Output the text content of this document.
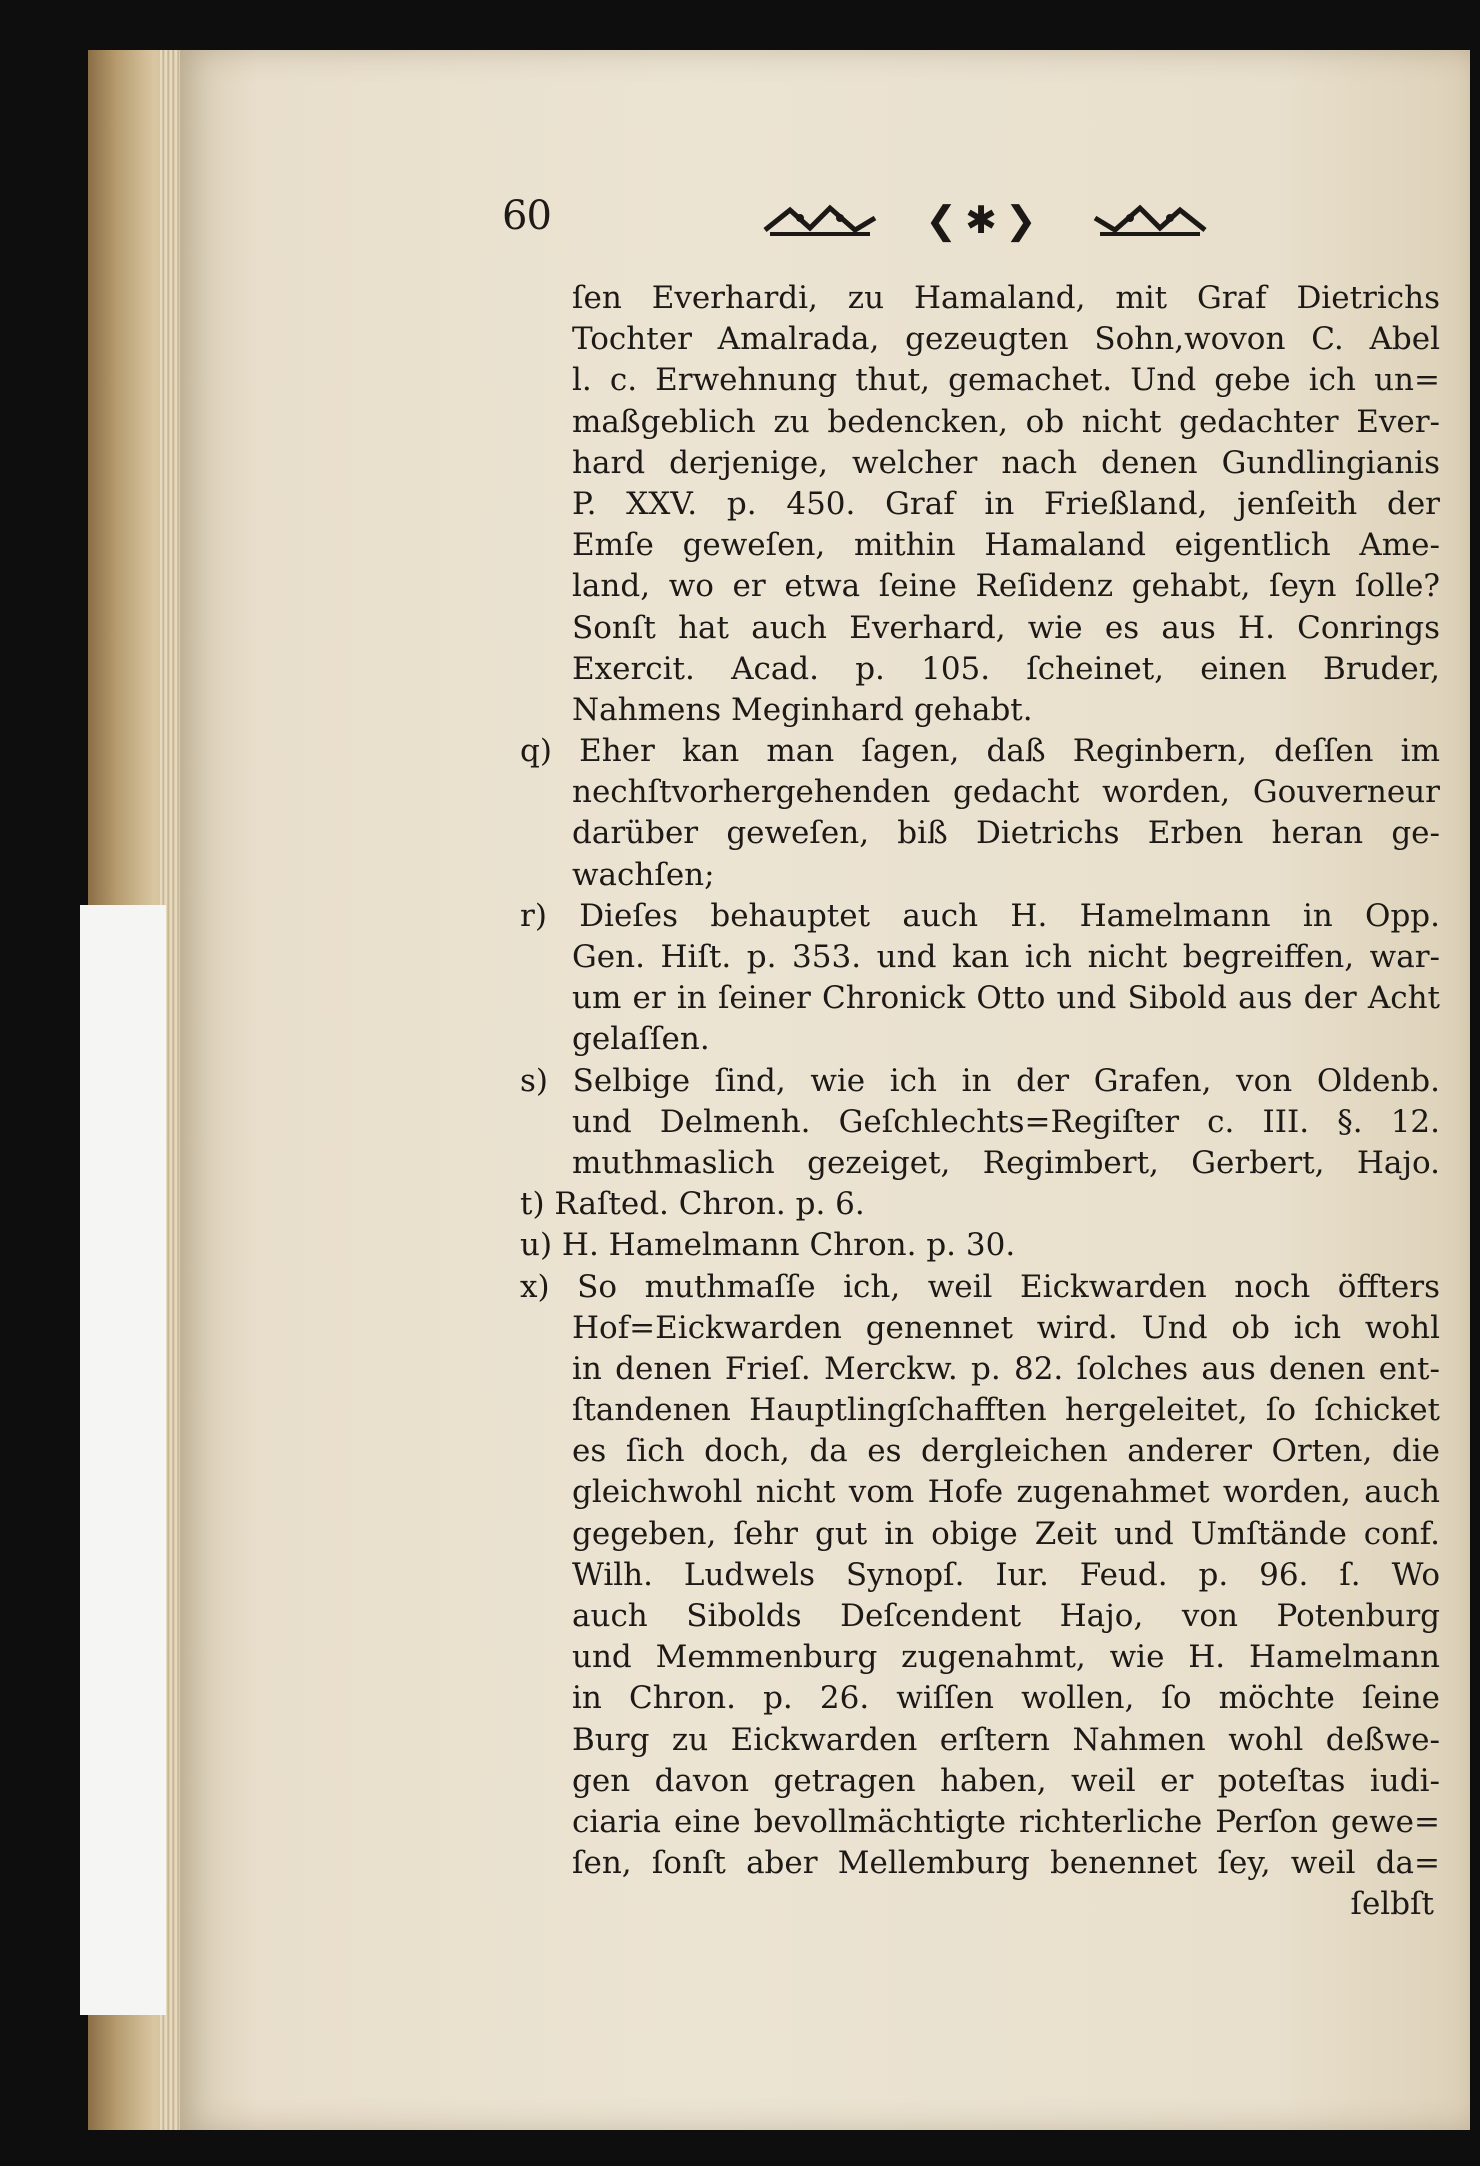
60	❮✱❯
ſen Everhardi, zu Hamaland, mit Graf Dietrichs
Tochter Amalrada, gezeugten Sohn,wovon C. Abel
l. c. Erwehnung thut, gemachet. Und gebe ich un=
maßgeblich zu bedencken, ob nicht gedachter Ever-
hard derjenige, welcher nach denen Gundlingianis
P. XXV. p. 450. Graf in Frießland, jenſeith der
Emſe geweſen, mithin Hamaland eigentlich Ame-
land, wo er etwa ſeine Reſidenz gehabt, ſeyn ſolle?
Sonſt hat auch Everhard, wie es aus H. Conrings
Exercit. Acad. p. 105. ſcheinet, einen Bruder,
Nahmens Meginhard gehabt.
q) Eher kan man ſagen, daß Reginbern, deſſen im
nechſtvorhergehenden gedacht worden, Gouverneur
darüber geweſen, biß Dietrichs Erben heran ge-
wachſen;
r) Dieſes behauptet auch H. Hamelmann in Opp.
Gen. Hiſt. p. 353. und kan ich nicht begreiffen, war-
um er in ſeiner Chronick Otto und Sibold aus der Acht
gelaſſen.
s) Selbige ſind, wie ich in der Grafen, von Oldenb.
und Delmenh. Geſchlechts=Regiſter c. III. §. 12.
muthmaslich gezeiget, Regimbert, Gerbert, Hajo.
t) Raſted. Chron. p. 6.
u) H. Hamelmann Chron. p. 30.
x) So muthmaſſe ich, weil Eickwarden noch öffters
Hof=Eickwarden genennet wird. Und ob ich wohl
in denen Frieſ. Merckw. p. 82. ſolches aus denen ent-
ſtandenen Hauptlingſchafften hergeleitet, ſo ſchicket
es ſich doch, da es dergleichen anderer Orten, die
gleichwohl nicht vom Hofe zugenahmet worden, auch
gegeben, ſehr gut in obige Zeit und Umſtände conf.
Wilh. Ludwels Synopſ. Iur. Feud. p. 96. ſ. Wo
auch Sibolds Deſcendent Hajo, von Potenburg
und Memmenburg zugenahmt, wie H. Hamelmann
in Chron. p. 26. wiſſen wollen, ſo möchte ſeine
Burg zu Eickwarden erſtern Nahmen wohl deßwe-
gen davon getragen haben, weil er poteſtas iudi-
ciaria eine bevollmächtigte richterliche Perſon gewe=
ſen, ſonſt aber Mellemburg benennet ſey, weil da=
ſelbſt
